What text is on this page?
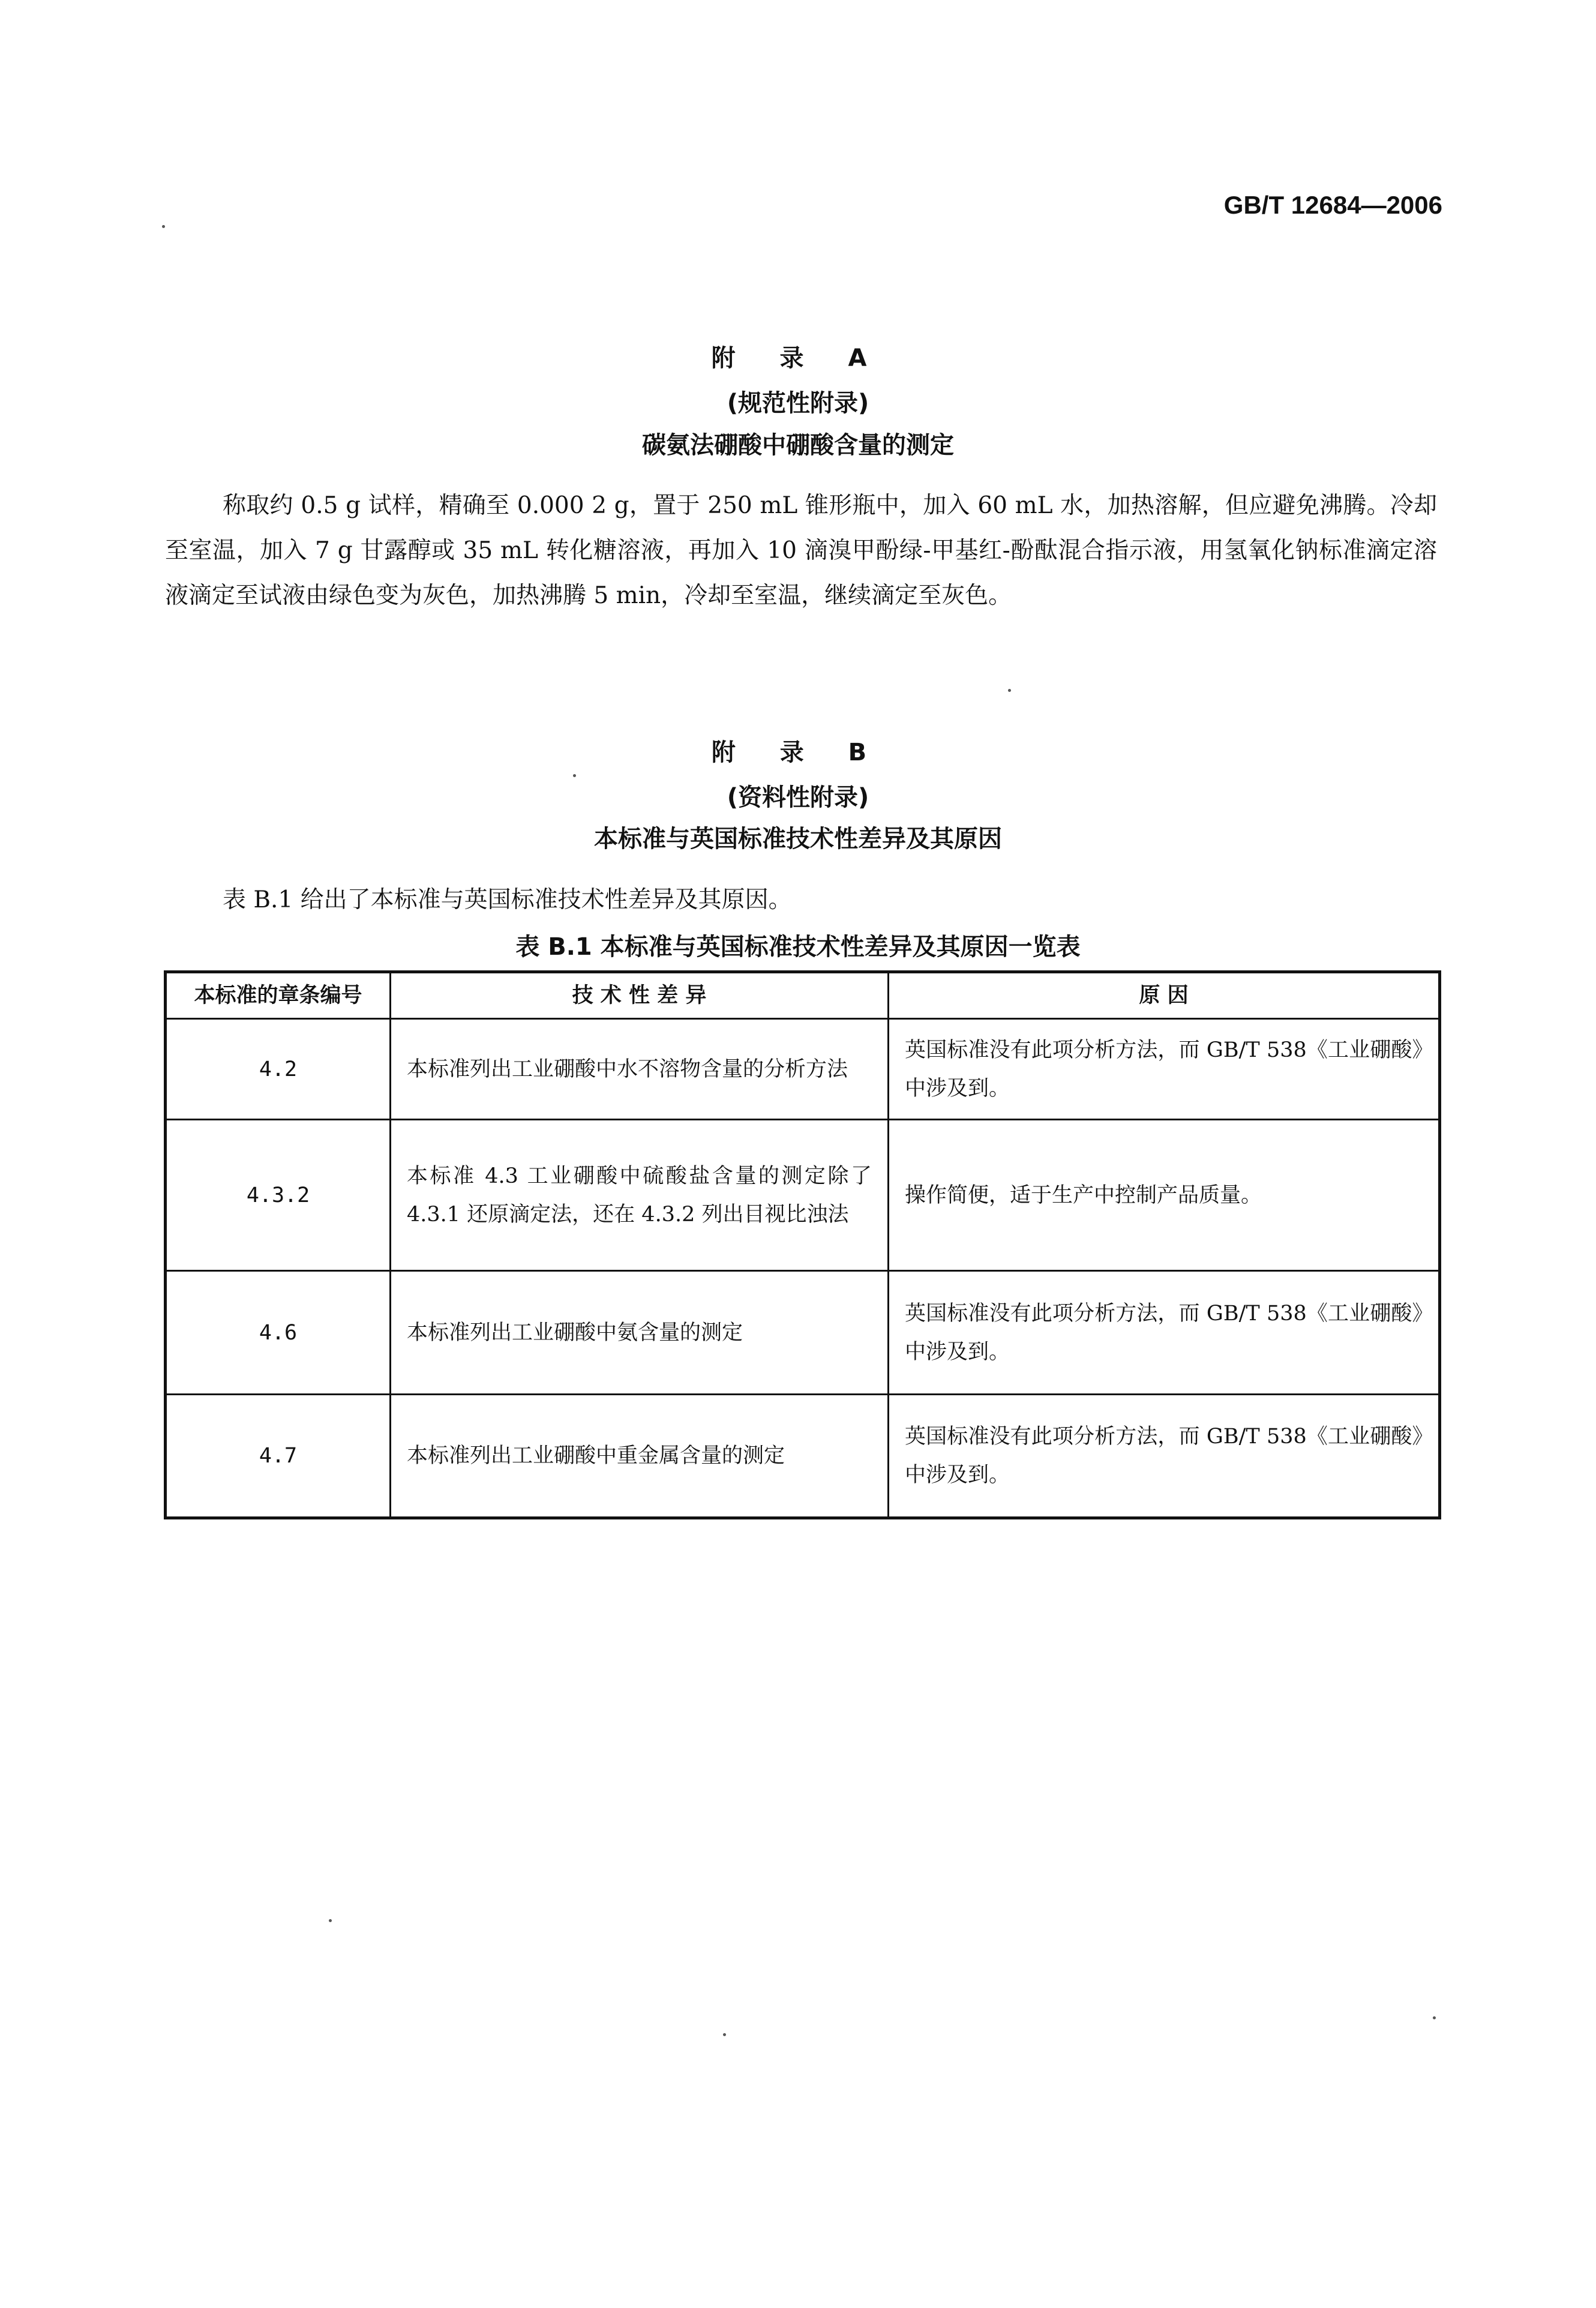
GB/T 12684—2006
附 录 A
(规范性附录)
碳氨法硼酸中硼酸含量的测定
称取约 0.5 g 试样，精确至 0.000 2 g，置于 250 mL 锥形瓶中，加入 60 mL 水，加热溶解，但应避免沸腾。冷却至室温，加入 7 g 甘露醇或 35 mL 转化糖溶液，再加入 10 滴溴甲酚绿-甲基红-酚酞混合指示液，用氢氧化钠标准滴定溶液滴定至试液由绿色变为灰色，加热沸腾 5 min，冷却至室温，继续滴定至灰色。
附 录 B
(资料性附录)
本标准与英国标准技术性差异及其原因
表 B.1 给出了本标准与英国标准技术性差异及其原因。
表 B.1 本标准与英国标准技术性差异及其原因一览表
本标准的章条编号	技 术 性 差 异	原 因
4.2	本标准列出工业硼酸中水不溶物含量的分析方法	英国标准没有此项分析方法，而 GB/T 538《工业硼酸》中涉及到。
4.3.2	本标准 4.3 工业硼酸中硫酸盐含量的测定除了 4.3.1 还原滴定法，还在 4.3.2 列出目视比浊法	操作简便，适于生产中控制产品质量。
4.6	本标准列出工业硼酸中氨含量的测定	英国标准没有此项分析方法，而 GB/T 538《工业硼酸》中涉及到。
4.7	本标准列出工业硼酸中重金属含量的测定	英国标准没有此项分析方法，而 GB/T 538《工业硼酸》中涉及到。
